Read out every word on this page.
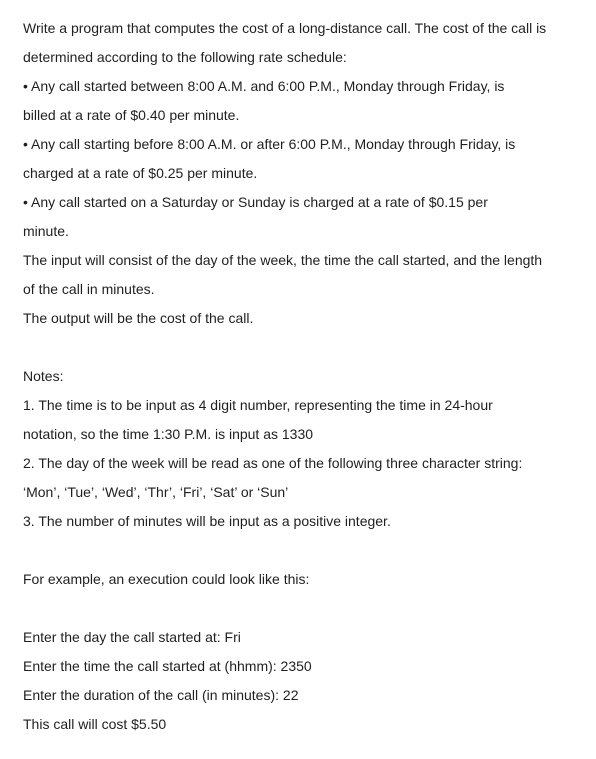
Write a program that computes the cost of a long-distance call. The cost of the call is
determined according to the following rate schedule:
• Any call started between 8:00 A.M. and 6:00 P.M., Monday through Friday, is
billed at a rate of $0.40 per minute.
• Any call starting before 8:00 A.M. or after 6:00 P.M., Monday through Friday, is
charged at a rate of $0.25 per minute.
• Any call started on a Saturday or Sunday is charged at a rate of $0.15 per
minute.
The input will consist of the day of the week, the time the call started, and the length
of the call in minutes.
The output will be the cost of the call.
Notes:
1. The time is to be input as 4 digit number, representing the time in 24-hour
notation, so the time 1:30 P.M. is input as 1330
2. The day of the week will be read as one of the following three character string:
‘Mon’, ‘Tue’, ‘Wed’, ‘Thr’, ‘Fri’, ‘Sat’ or ‘Sun’
3. The number of minutes will be input as a positive integer.
For example, an execution could look like this:
Enter the day the call started at: Fri
Enter the time the call started at (hhmm): 2350
Enter the duration of the call (in minutes): 22
This call will cost $5.50
